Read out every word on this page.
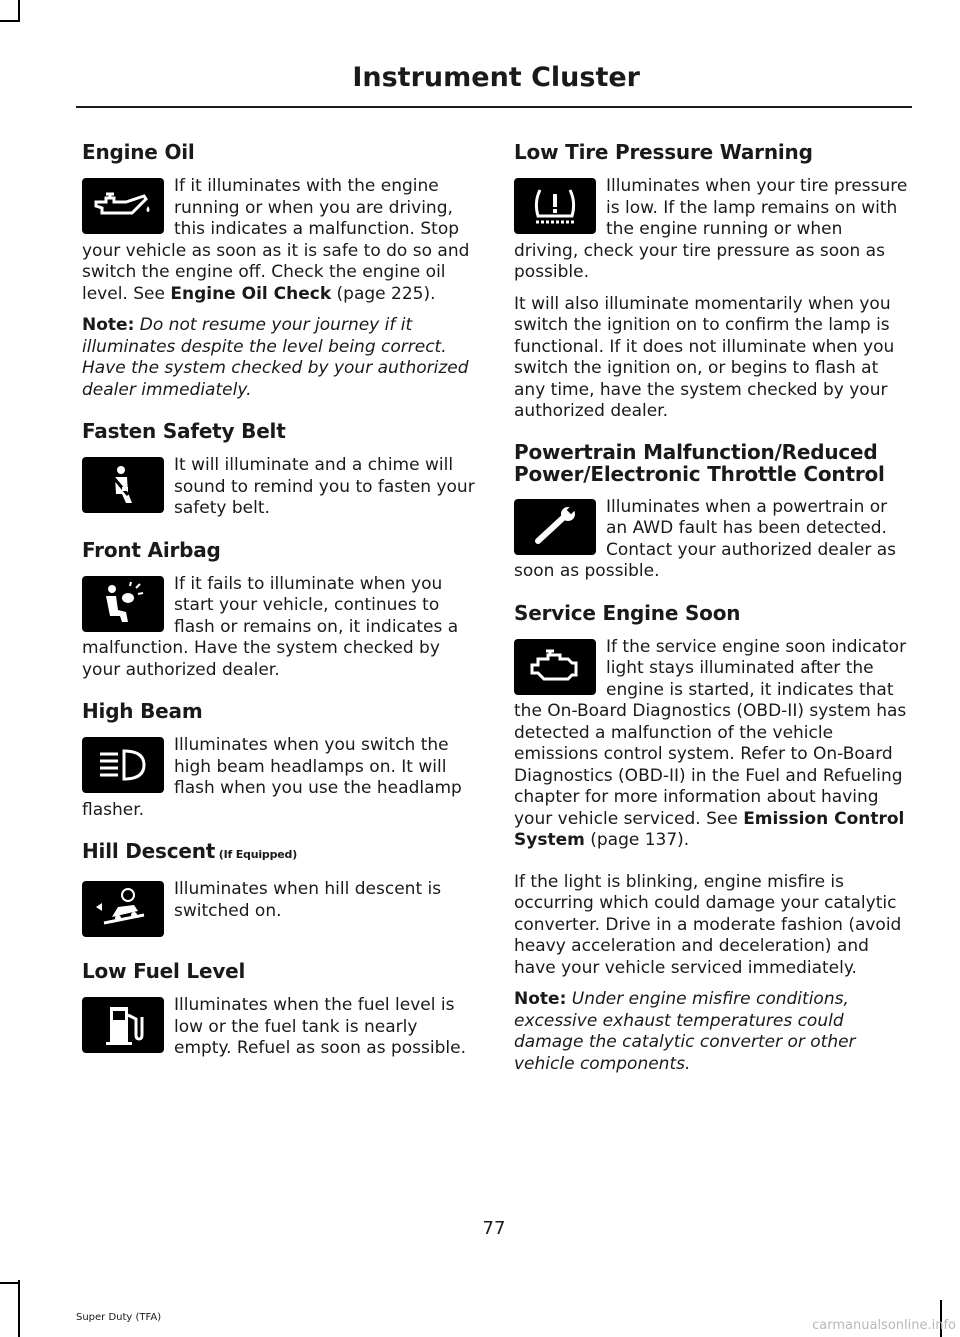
Instrument Cluster
Engine Oil

If it illuminates with the engine running or when you are driving, this indicates a malfunction. Stop your vehicle as soon as it is safe to do so and switch the engine off. Check the engine oil level. See Engine Oil Check (page 225).

Note: Do not resume your journey if it illuminates despite the level being correct. Have the system checked by your authorized dealer immediately.

Fasten Safety Belt

It will illuminate and a chime will sound to remind you to fasten your safety belt.

Front Airbag

If it fails to illuminate when you start your vehicle, continues to flash or remains on, it indicates a malfunction. Have the system checked by your authorized dealer.

High Beam

Illuminates when you switch the high beam headlamps on. It will flash when you use the headlamp flasher.

Hill Descent (If Equipped)

Illuminates when hill descent is switched on.

Low Fuel Level

Illuminates when the fuel level is low or the fuel tank is nearly empty. Refuel as soon as possible.

Low Tire Pressure Warning

Illuminates when your tire pressure is low. If the lamp remains on with the engine running or when driving, check your tire pressure as soon as possible.

It will also illuminate momentarily when you switch the ignition on to confirm the lamp is functional. If it does not illuminate when you switch the ignition on, or begins to flash at any time, have the system checked by your authorized dealer.

Powertrain Malfunction/Reduced Power/Electronic Throttle Control

Illuminates when a powertrain or an AWD fault has been detected. Contact your authorized dealer as soon as possible.

Service Engine Soon

If the service engine soon indicator light stays illuminated after the engine is started, it indicates that the On-Board Diagnostics (OBD-II) system has detected a malfunction of the vehicle emissions control system. Refer to On-Board Diagnostics (OBD-II) in the Fuel and Refueling chapter for more information about having your vehicle serviced. See Emission Control System (page 137).

If the light is blinking, engine misfire is occurring which could damage your catalytic converter. Drive in a moderate fashion (avoid heavy acceleration and deceleration) and have your vehicle serviced immediately.

Note: Under engine misfire conditions, excessive exhaust temperatures could damage the catalytic converter or other vehicle components.

77
Super Duty (TFA)
carmanualsonline.info
